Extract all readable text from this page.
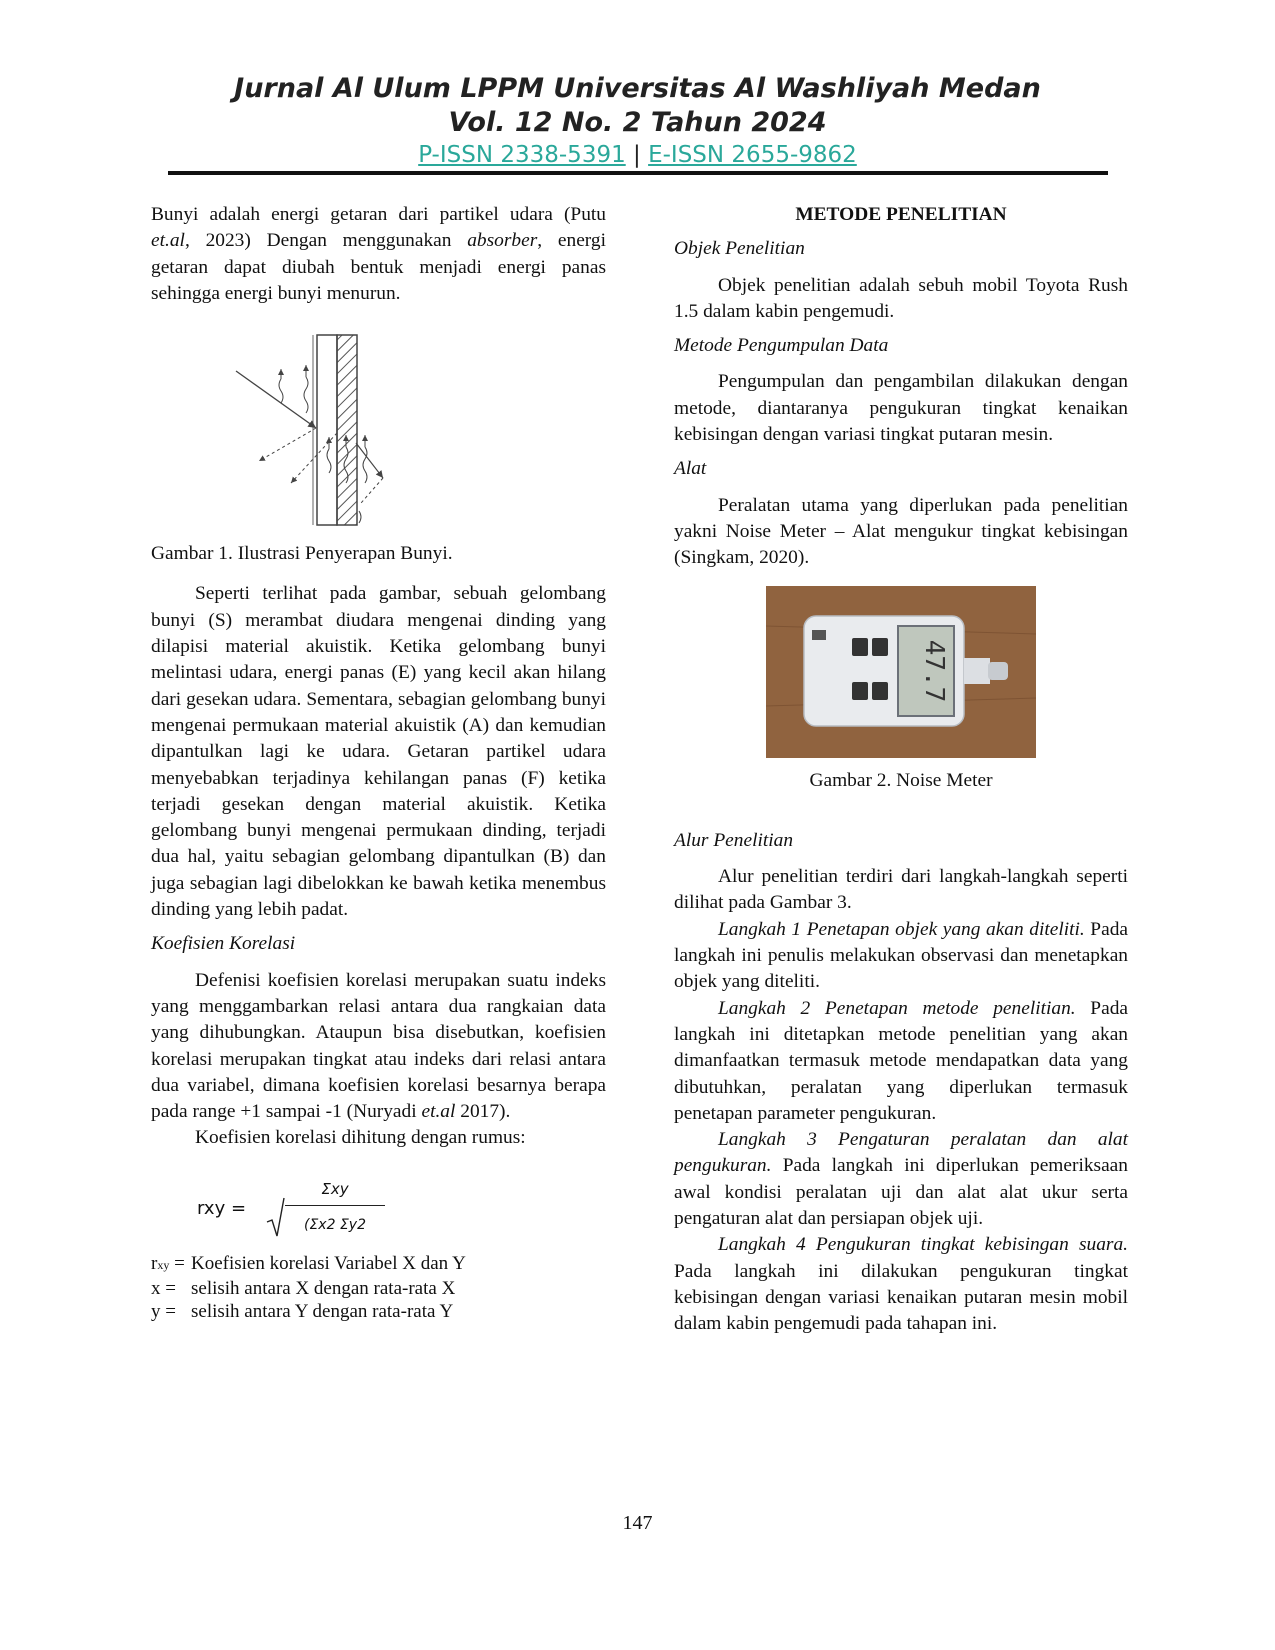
Jurnal Al Ulum LPPM Universitas Al Washliyah Medan
Vol. 12 No. 2 Tahun 2024
P-ISSN 2338-5391 | E-ISSN 2655-9862

Bunyi adalah energi getaran dari partikel udara (Putu et.al, 2023) Dengan menggunakan absorber, energi getaran dapat diubah bentuk menjadi energi panas sehingga energi bunyi menurun.

Gambar 1. Ilustrasi Penyerapan Bunyi.

Seperti terlihat pada gambar, sebuah gelombang bunyi (S) merambat diudara mengenai dinding yang dilapisi material akuistik. Ketika gelombang bunyi melintasi udara, energi panas (E) yang kecil akan hilang dari gesekan udara. Sementara, sebagian gelombang bunyi mengenai permukaan material akuistik (A) dan kemudian dipantulkan lagi ke udara. Getaran partikel udara menyebabkan terjadinya kehilangan panas (F) ketika terjadi gesekan dengan material akuistik. Ketika gelombang bunyi mengenai permukaan dinding, terjadi dua hal, yaitu sebagian gelombang dipantulkan (B) dan juga sebagian lagi dibelokkan ke bawah ketika menembus dinding yang lebih padat.

Koefisien Korelasi

Defenisi koefisien korelasi merupakan suatu indeks yang menggambarkan relasi antara dua rangkaian data yang dihubungkan. Ataupun bisa disebutkan, koefisien korelasi merupakan tingkat atau indeks dari relasi antara dua variabel, dimana koefisien korelasi besarnya berapa pada range +1 sampai -1 (Nuryadi et.al 2017).

Koefisien korelasi dihitung dengan rumus:

rxy =
Σxy
(Σx2 Σy2
rxy = Koefisien korelasi Variabel X dan Y
x = selisih antara X dengan rata-rata X
y = selisih antara Y dengan rata-rata Y

METODE PENELITIAN

Objek Penelitian

Objek penelitian adalah sebuh mobil Toyota Rush 1.5 dalam kabin pengemudi.

Metode Pengumpulan Data

Pengumpulan dan pengambilan dilakukan dengan metode, diantaranya pengukuran tingkat kenaikan kebisingan dengan variasi tingkat putaran mesin.

Alat

Peralatan utama yang diperlukan pada penelitian yakni Noise Meter – Alat mengukur tingkat kebisingan (Singkam, 2020).

47.7

Gambar 2. Noise Meter

Alur Penelitian

Alur penelitian terdiri dari langkah-langkah seperti dilihat pada Gambar 3.

Langkah 1 Penetapan objek yang akan diteliti. Pada langkah ini penulis melakukan observasi dan menetapkan objek yang diteliti.

Langkah 2 Penetapan metode penelitian. Pada langkah ini ditetapkan metode penelitian yang akan dimanfaatkan termasuk metode mendapatkan data yang dibutuhkan, peralatan yang diperlukan termasuk penetapan parameter pengukuran.

Langkah 3 Pengaturan peralatan dan alat pengukuran. Pada langkah ini diperlukan pemeriksaan awal kondisi peralatan uji dan alat alat ukur serta pengaturan alat dan persiapan objek uji.

Langkah 4 Pengukuran tingkat kebisingan suara. Pada langkah ini dilakukan pengukuran tingkat kebisingan dengan variasi kenaikan putaran mesin mobil dalam kabin pengemudi pada tahapan ini.

147
